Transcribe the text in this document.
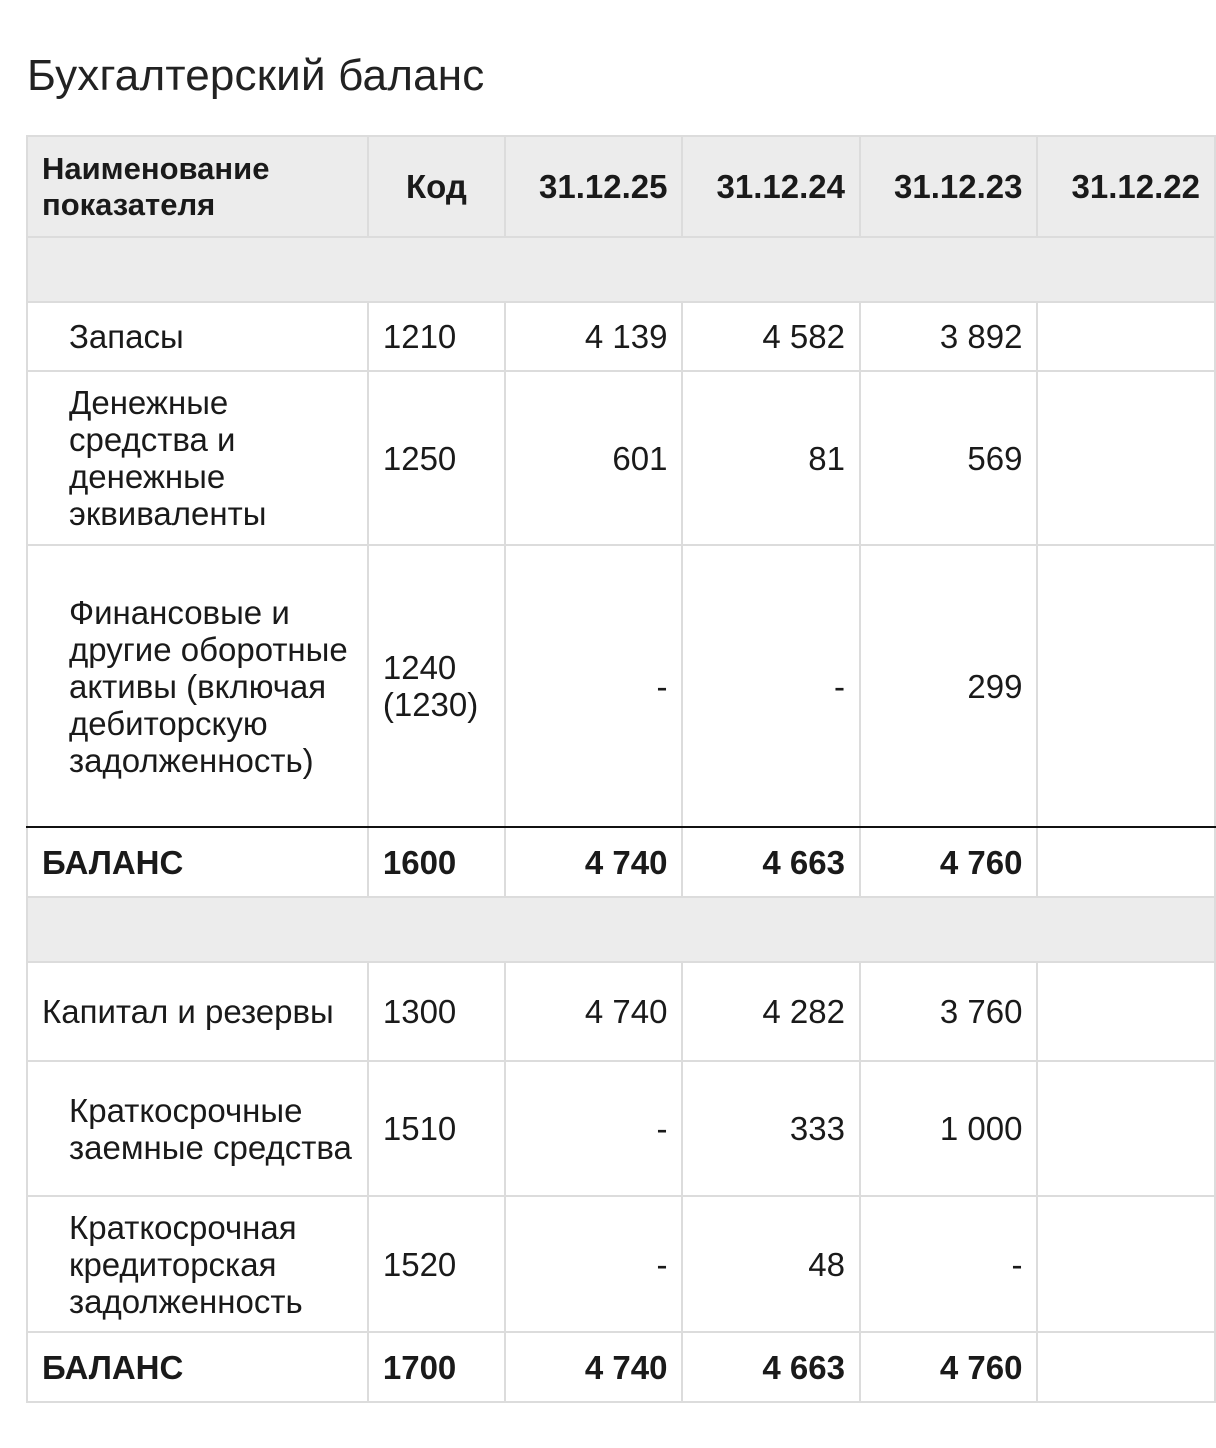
Бухгалтерский баланс
Наименование показателя	Код	31.12.25	31.12.24	31.12.23	31.12.22

Запасы	1210	4 139	4 582	3 892	
Денежные средства и денежные эквиваленты	1250	601	81	569	
Финансовые и другие оборотные активы (включая дебиторскую задолженность)	1240 (1230)	-	-	299	
БАЛАНС	1600	4 740	4 663	4 760	

Капитал и резервы	1300	4 740	4 282	3 760	
Краткосрочные заемные средства	1510	-	333	1 000	
Краткосрочная кредиторская задолженность	1520	-	48	-	
БАЛАНС	1700	4 740	4 663	4 760	
